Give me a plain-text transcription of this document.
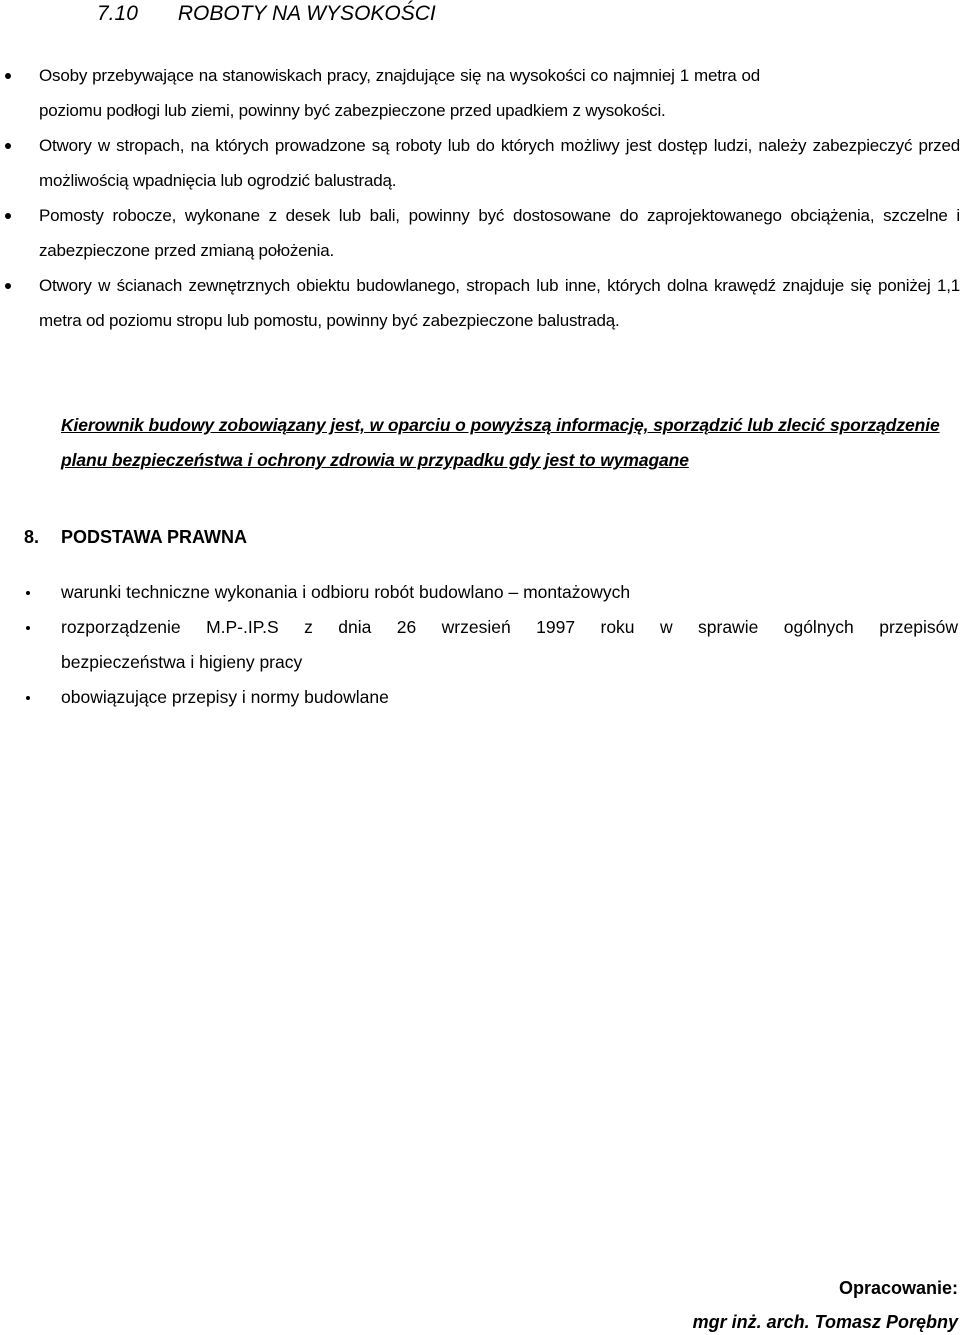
7.10 ROBOTY NA WYSOKOŚCI
Osoby przebywające na stanowiskach pracy, znajdujące się na wysokości co najmniej 1 metra od poziomu podłogi lub ziemi, powinny być zabezpieczone przed upadkiem z wysokości.
Otwory w stropach, na których prowadzone są roboty lub do których możliwy jest dostęp ludzi, należy zabezpieczyć przed możliwością wpadnięcia lub ogrodzić balustradą.
Pomosty robocze, wykonane z desek lub bali, powinny być dostosowane do zaprojektowanego obciążenia, szczelne i zabezpieczone przed zmianą położenia.
Otwory w ścianach zewnętrznych obiektu budowlanego, stropach lub inne, których dolna krawędź znajduje się poniżej 1,1 metra od poziomu stropu lub pomostu, powinny być zabezpieczone balustradą.
Kierownik budowy zobowiązany jest, w oparciu o powyższą informację, sporządzić lub zlecić sporządzenie planu bezpieczeństwa i ochrony zdrowia w przypadku gdy jest to wymagane
8. PODSTAWA PRAWNA
warunki techniczne wykonania i odbioru robót budowlano – montażowych
rozporządzenie M.P-.IP.S z dnia 26 wrzesień 1997 roku w sprawie ogólnych przepisów
bezpieczeństwa i higieny pracy
obowiązujące przepisy i normy budowlane
Opracowanie:
mgr inż. arch. Tomasz Porębny
